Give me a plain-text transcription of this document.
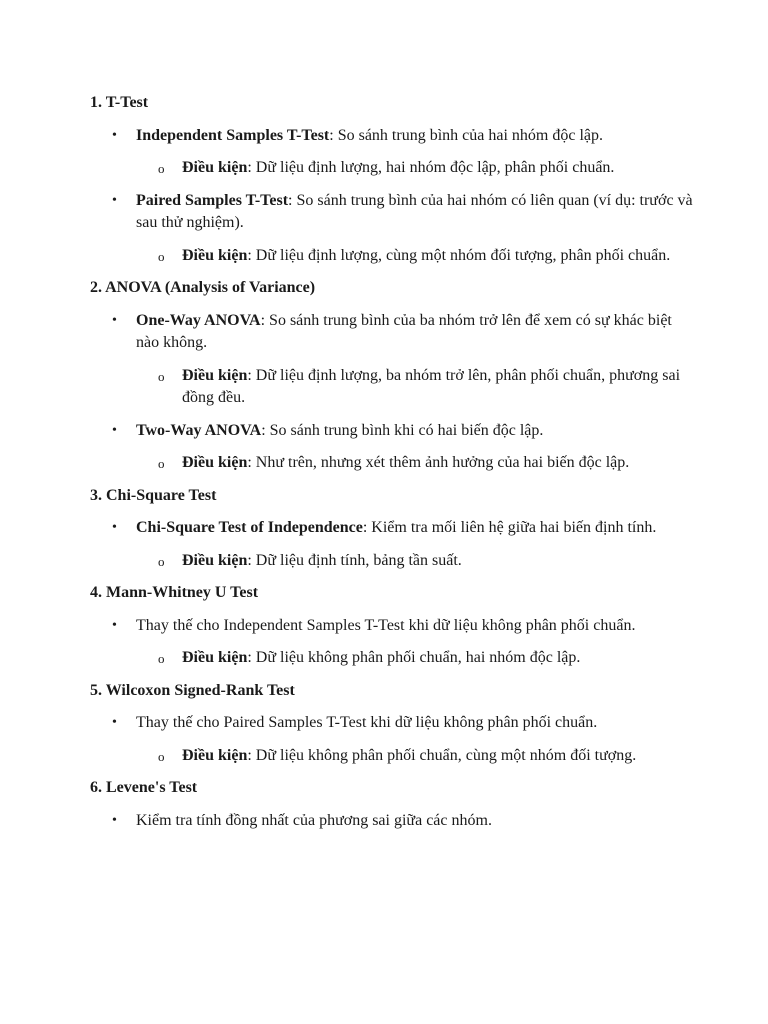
1. T-Test
• Independent Samples T-Test: So sánh trung bình của hai nhóm độc lập.
o Điều kiện: Dữ liệu định lượng, hai nhóm độc lập, phân phối chuẩn.
• Paired Samples T-Test: So sánh trung bình của hai nhóm có liên quan (ví dụ: trước và sau thử nghiệm).
o Điều kiện: Dữ liệu định lượng, cùng một nhóm đối tượng, phân phối chuẩn.
2. ANOVA (Analysis of Variance)
• One-Way ANOVA: So sánh trung bình của ba nhóm trở lên để xem có sự khác biệt nào không.
o Điều kiện: Dữ liệu định lượng, ba nhóm trở lên, phân phối chuẩn, phương sai đồng đều.
• Two-Way ANOVA: So sánh trung bình khi có hai biến độc lập.
o Điều kiện: Như trên, nhưng xét thêm ảnh hưởng của hai biến độc lập.
3. Chi-Square Test
• Chi-Square Test of Independence: Kiểm tra mối liên hệ giữa hai biến định tính.
o Điều kiện: Dữ liệu định tính, bảng tần suất.
4. Mann-Whitney U Test
• Thay thế cho Independent Samples T-Test khi dữ liệu không phân phối chuẩn.
o Điều kiện: Dữ liệu không phân phối chuẩn, hai nhóm độc lập.
5. Wilcoxon Signed-Rank Test
• Thay thế cho Paired Samples T-Test khi dữ liệu không phân phối chuẩn.
o Điều kiện: Dữ liệu không phân phối chuẩn, cùng một nhóm đối tượng.
6. Levene's Test
• Kiểm tra tính đồng nhất của phương sai giữa các nhóm.
